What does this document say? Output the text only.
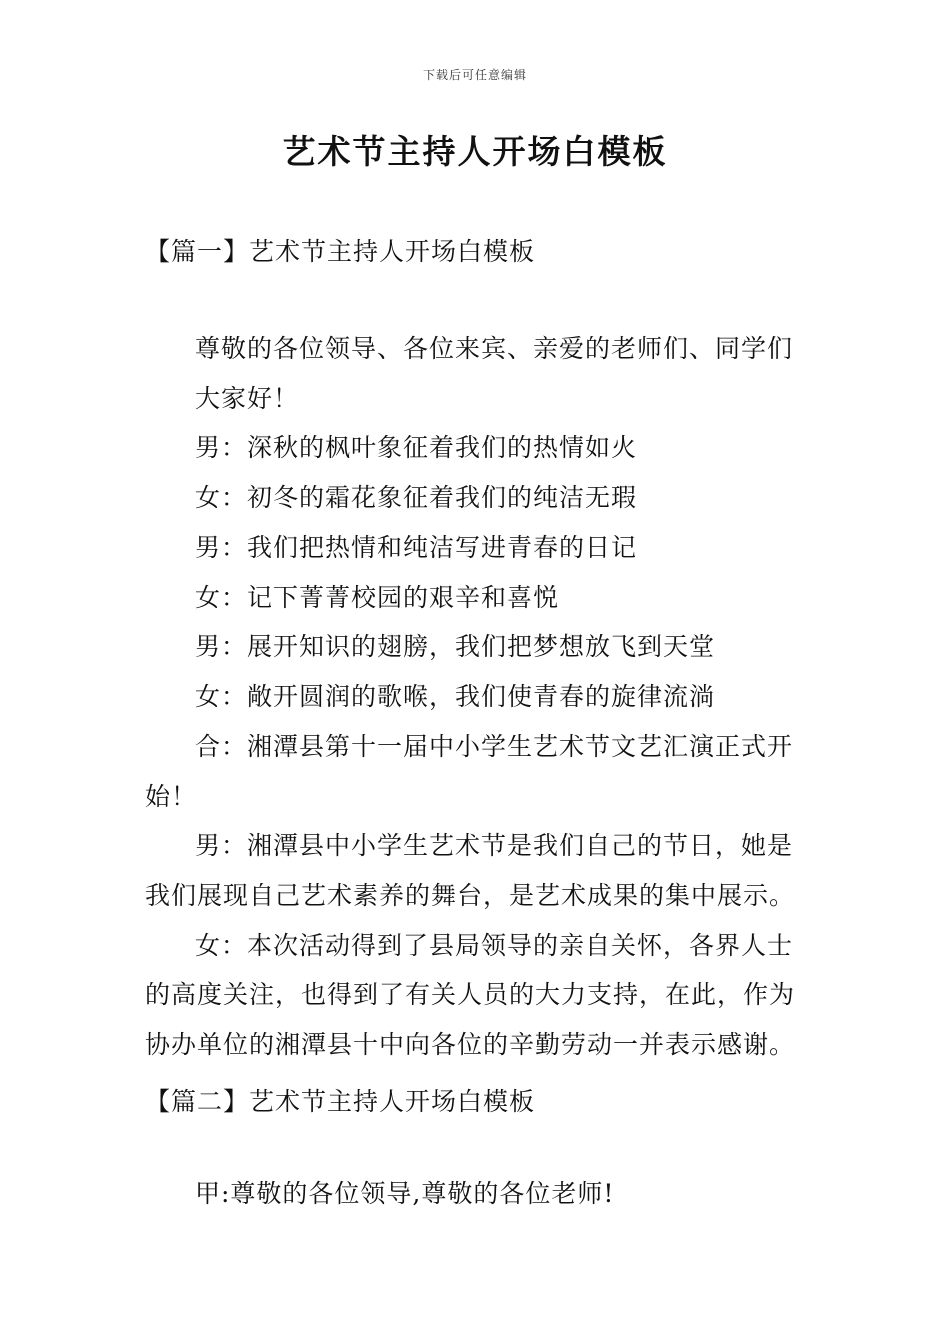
下载后可任意编辑
艺术节主持人开场白模板
【篇一】艺术节主持人开场白模板
尊敬的各位领导、各位来宾、亲爱的老师们、同学们
大家好！
男：深秋的枫叶象征着我们的热情如火
女：初冬的霜花象征着我们的纯洁无瑕
男：我们把热情和纯洁写进青春的日记
女：记下菁菁校园的艰辛和喜悦
男：展开知识的翅膀，我们把梦想放飞到天堂
女：敞开圆润的歌喉，我们使青春的旋律流淌
合：湘潭县第十一届中小学生艺术节文艺汇演正式开
始！
男：湘潭县中小学生艺术节是我们自己的节日，她是
我们展现自己艺术素养的舞台，是艺术成果的集中展示。
女：本次活动得到了县局领导的亲自关怀，各界人士
的高度关注，也得到了有关人员的大力支持，在此，作为
协办单位的湘潭县十中向各位的辛勤劳动一并表示感谢。
【篇二】艺术节主持人开场白模板
甲:尊敬的各位领导,尊敬的各位老师!
